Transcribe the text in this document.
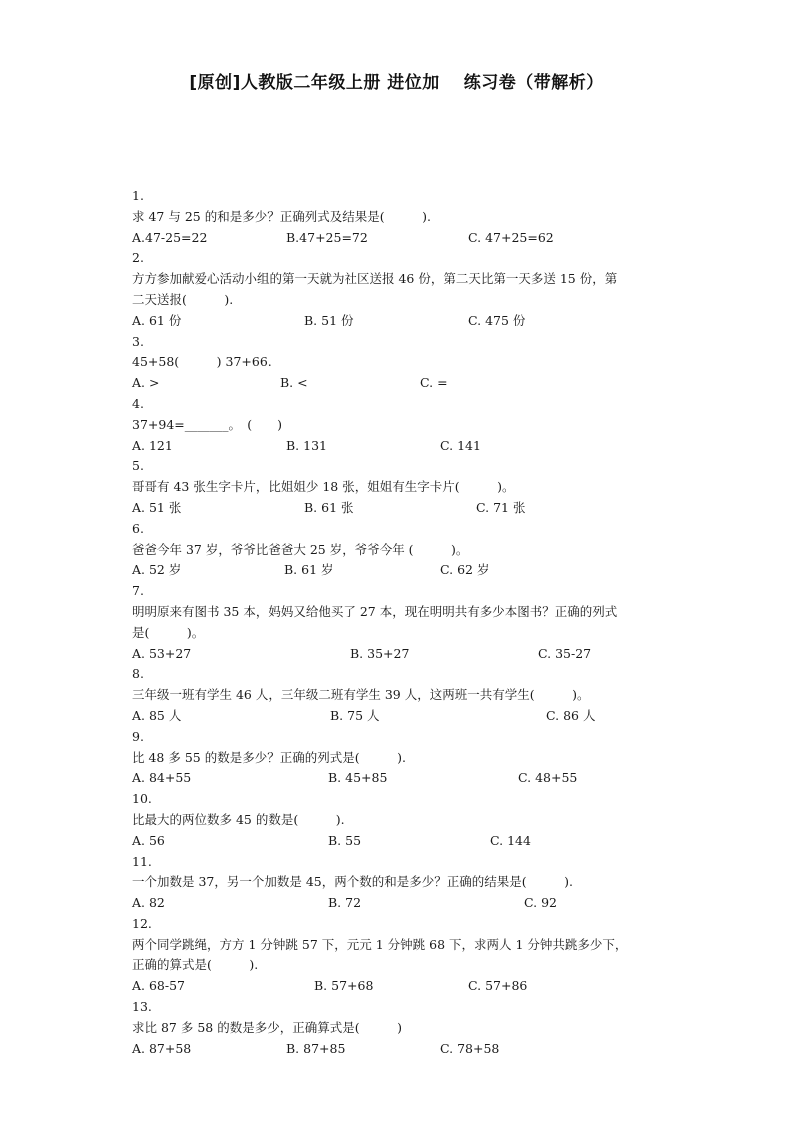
[原创]人教版二年级上册 进位加　 练习卷（带解析）
1.
求 47 与 25 的和是多少？正确列式及结果是(　　　).
A.47-25=22	B.47+25=72	C. 47+25=62
2.
方方参加献爱心活动小组的第一天就为社区送报 46 份，第二天比第一天多送 15 份，第
二天送报(　　　).
A. 61 份	B. 51 份	C. 475 份
3.
45+58(　　　) 37+66.
A. >	B. <	C. =
4.
37+94=_______。　(　　)
A. 121	B. 131	C. 141
5.
哥哥有 43 张生字卡片，比姐姐少 18 张，姐姐有生字卡片(　　　)。
A. 51 张	B. 61 张	C. 71 张
6.
爸爸今年 37 岁，爷爷比爸爸大 25 岁，爷爷今年 (　　　)。
A. 52 岁	B. 61 岁	C. 62 岁
7.
明明原来有图书 35 本，妈妈又给他买了 27 本，现在明明共有多少本图书？正确的列式
是(　　　)。
A. 53+27	B. 35+27	C. 35-27
8.
三年级一班有学生 46 人，三年级二班有学生 39 人，这两班一共有学生(　　　)。
A. 85 人	B. 75 人	C. 86 人
9.
比 48 多 55 的数是多少？正确的列式是(　　　).
A. 84+55	B. 45+85	C. 48+55
10.
比最大的两位数多 45 的数是(　　　).
A. 56	B. 55	C. 144
11.
一个加数是 37，另一个加数是 45，两个数的和是多少？正确的结果是(　　　).
A. 82	B. 72	C. 92
12.
两个同学跳绳，方方 1 分钟跳 57 下，元元 1 分钟跳 68 下，求两人 1 分钟共跳多少下，
正确的算式是(　　　).
A. 68-57	B. 57+68	C. 57+86
13.
求比 87 多 58 的数是多少，正确算式是(　　　)
A. 87+58	B. 87+85	C. 78+58
